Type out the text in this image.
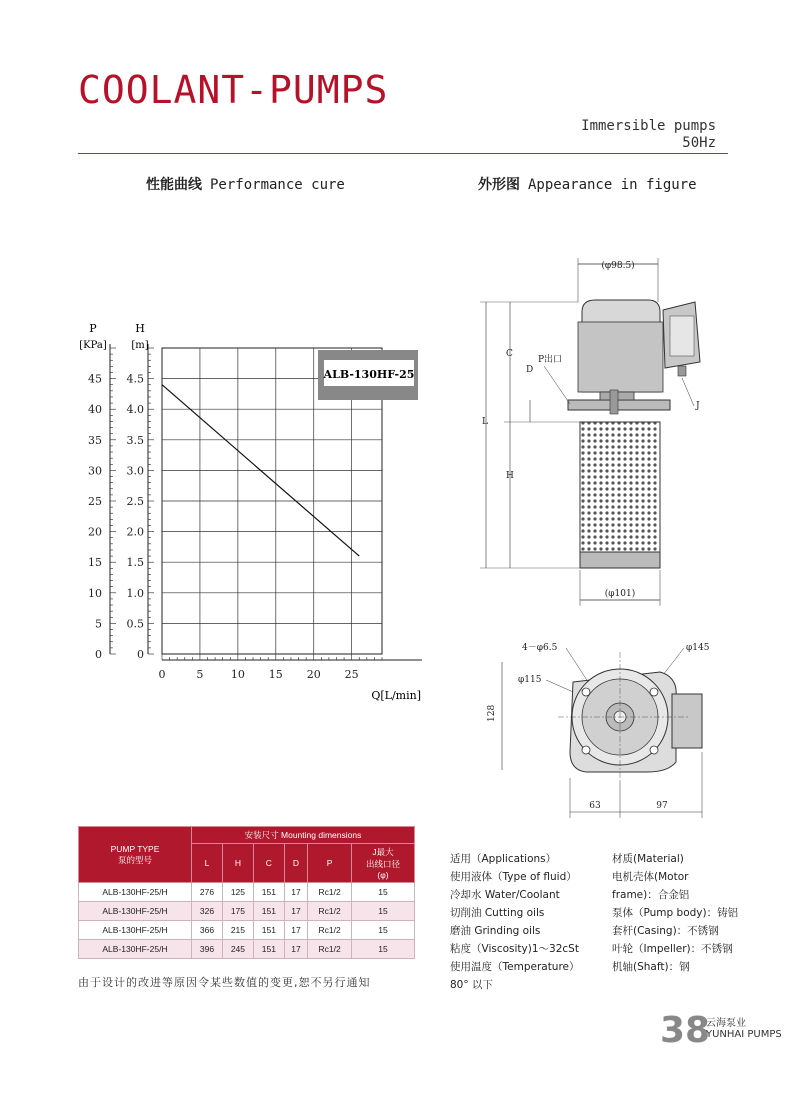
COOLANT-PUMPS
Immersible pumps
50Hz
性能曲线 Performance cure	外形图 Appearance in figure
0
0.5
1.0
1.5
2.0
2.5
3.0
3.5
4.0
4.5
0
5
10
15
20
25
30
35
40
45
0	5 10 15 20 25
ALB-130HF-25
P
[KPa]
H
[m]
Q[L/min]
(φ98.5)
L
C
H
D
P出口
J
(φ101)
4－φ6.5	φ145
φ115
128
63	97
PUMP TYPE
泵的型号	安装尺寸 Mounting dimensions					
	L	H	C	D	P	J最大
出线口径
(φ)

ALB-130HF-25/H	276	125	151	17	Rc1/2	15
ALB-130HF-25/H	326	175	151	17	Rc1/2	15
ALB-130HF-25/H	366	215	151	17	Rc1/2	15
ALB-130HF-25/H	396	245	151	17	Rc1/2	15
由于设计的改进等原因令某些数值的变更,恕不另行通知
适用（Applications）
使用液体（Type of fluid）
冷却水 Water/Coolant
切削油 Cutting oils
磨油 Grinding oils
粘度（Viscosity)1～32cSt
使用温度（Temperature）
80° 以下
材质(Material)
电机壳体(Motor
frame)：合金铝
泵体（Pump body)：铸铝
套杆(Casing)：不锈钢
叶轮（Impeller)：不锈钢
机轴(Shaft)：钢
38
云海泵业
YUNHAI PUMPS
